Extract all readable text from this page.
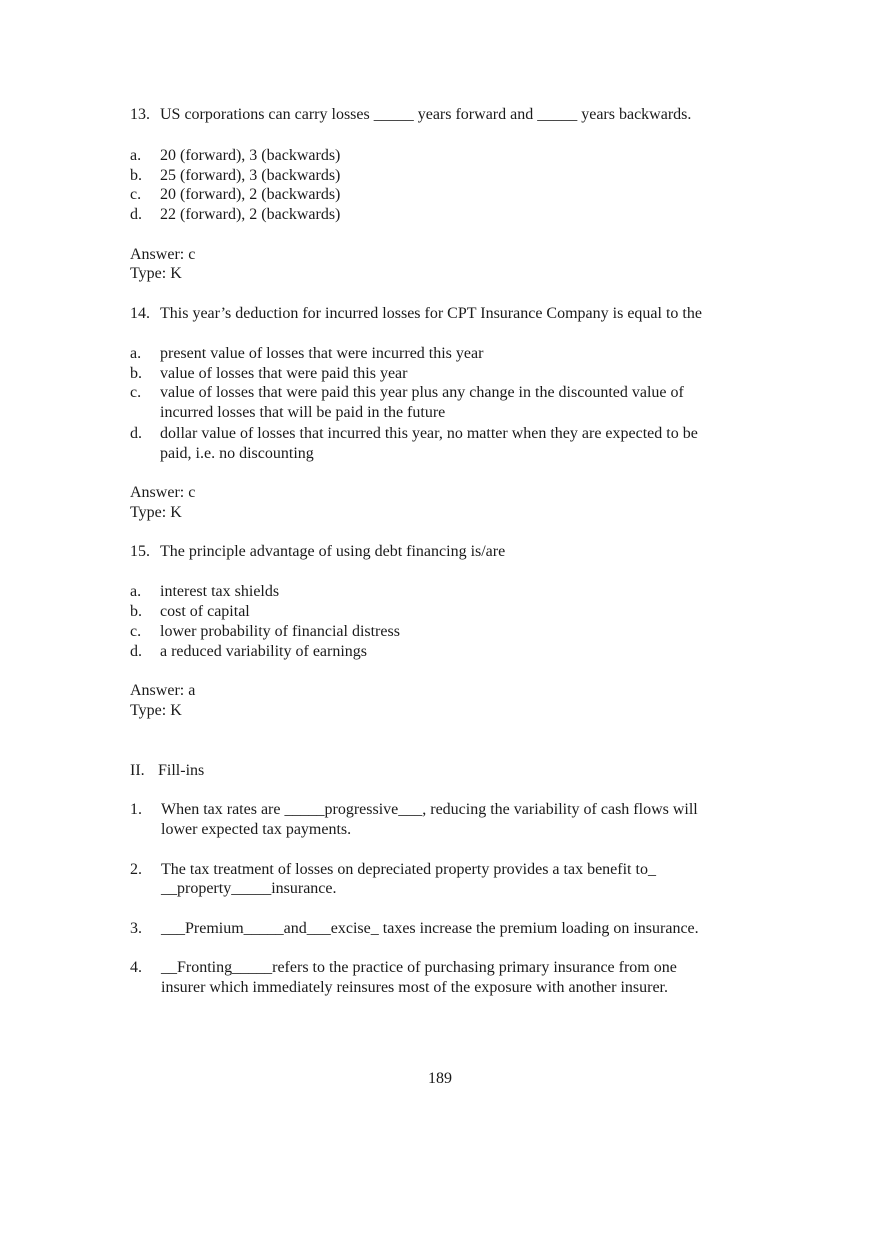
13. US corporations can carry losses _____ years forward and _____ years backwards.
a. 20 (forward), 3 (backwards)
b. 25 (forward), 3 (backwards)
c. 20 (forward), 2 (backwards)
d. 22 (forward), 2 (backwards)
Answer: c
Type: K
14. This year’s deduction for incurred losses for CPT Insurance Company is equal to the
a. present value of losses that were incurred this year
b. value of losses that were paid this year
c. value of losses that were paid this year plus any change in the discounted value of
incurred losses that will be paid in the future
d. dollar value of losses that incurred this year, no matter when they are expected to be
paid, i.e. no discounting
Answer: c
Type: K
15. The principle advantage of using debt financing is/are
a. interest tax shields
b. cost of capital
c. lower probability of financial distress
d. a reduced variability of earnings
Answer: a
Type: K
II. Fill-ins
1. When tax rates are _____progressive___, reducing the variability of cash flows will
lower expected tax payments.
2. The tax treatment of losses on depreciated property provides a tax benefit to_
__property_____insurance.
3. ___Premium_____and___excise_ taxes increase the premium loading on insurance.
4. __Fronting_____refers to the practice of purchasing primary insurance from one
insurer which immediately reinsures most of the exposure with another insurer.
189
